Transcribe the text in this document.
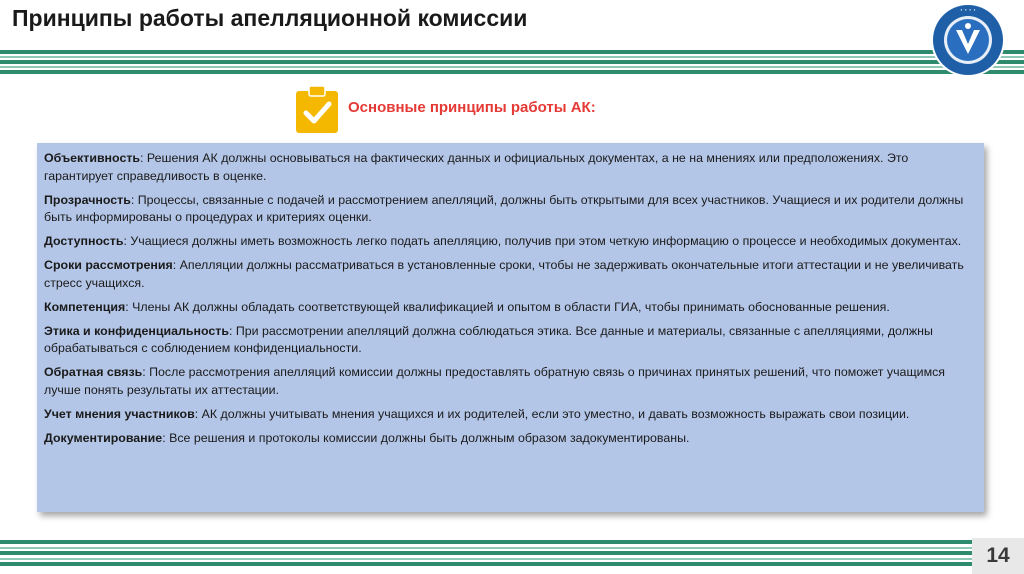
Принципы работы апелляционной комиссии	· · · ·
Основные принципы работы АК:

Объективность: Решения АК должны основываться на фактических данных и официальных документах, а не на мнениях или предположениях. Это гарантирует справедливость в оценке.

Прозрачность: Процессы, связанные с подачей и рассмотрением апелляций, должны быть открытыми для всех участников. Учащиеся и их родители должны быть информированы о процедурах и критериях оценки.

Доступность: Учащиеся должны иметь возможность легко подать апелляцию, получив при этом четкую информацию о процессе и необходимых документах.

Сроки рассмотрения: Апелляции должны рассматриваться в установленные сроки, чтобы не задерживать окончательные итоги аттестации и не увеличивать стресс учащихся.

Компетенция: Члены АК должны обладать соответствующей квалификацией и опытом в области ГИА, чтобы принимать обоснованные решения.

Этика и конфиденциальность: При рассмотрении апелляций должна соблюдаться этика. Все данные и материалы, связанные с апелляциями, должны обрабатываться с соблюдением конфиденциальности.

Обратная связь: После рассмотрения апелляций комиссии должны предоставлять обратную связь о причинах принятых решений, что поможет учащимся лучше понять результаты их аттестации.

Учет мнения участников: АК должны учитывать мнения учащихся и их родителей, если это уместно, и давать возможность выражать свои позиции.

Документирование: Все решения и протоколы комиссии должны быть должным образом задокументированы.

14
